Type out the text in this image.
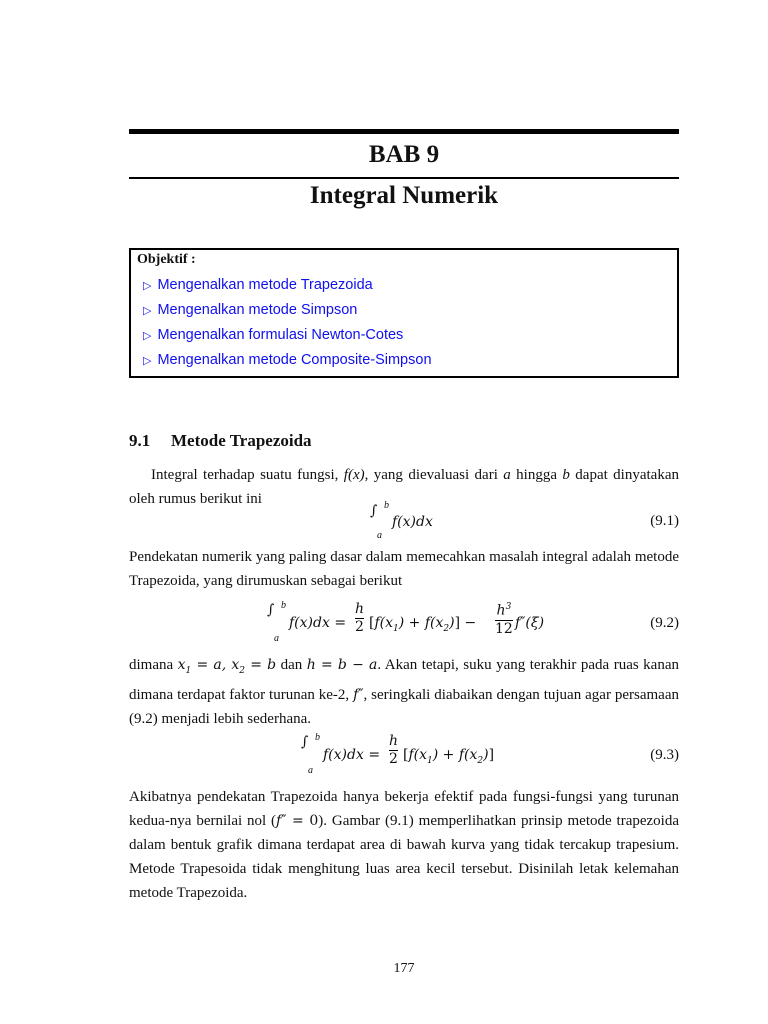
BAB 9
Integral Numerik
Objektif :
▷ Mengenalkan metode Trapezoida
▷ Mengenalkan metode Simpson
▷ Mengenalkan formulasi Newton-Cotes
▷ Mengenalkan metode Composite-Simpson
9.1 Metode Trapezoida
Integral terhadap suatu fungsi, f(x), yang dievaluasi dari a hingga b dapat dinyatakan oleh rumus berikut ini
∫ b
a
f(x)dx	(9.1)
Pendekatan numerik yang paling dasar dalam memecahkan masalah integral adalah metode Trapezoida, yang dirumuskan sebagai berikut
∫ b
a
$f(x)dx = \frac{h}{2} [f(x_1) + f(x_2)] - \frac{h^3}{12} f''(\xi)$	(9.2)
dimana $x_1 = a$, $x_2 = b$ dan h = b − a. Akan tetapi, suku yang terakhir pada ruas kanan dimana terdapat faktor turunan ke-2, f″, seringkali diabaikan dengan tujuan agar persamaan (9.2) menjadi lebih sederhana.
∫ b
a
$f(x)dx = \frac{h}{2} [f(x_1) + f(x_2)]$	(9.3)
Akibatnya pendekatan Trapezoida hanya bekerja efektif pada fungsi-fungsi yang turunan kedua-nya bernilai nol (f″ = 0). Gambar (9.1) memperlihatkan prinsip metode trapezoida dalam bentuk grafik dimana terdapat area di bawah kurva yang tidak tercakup trapesium. Metode Trapesoida tidak menghitung luas area kecil tersebut. Disinilah letak kelemahan metode Trapezoida.
177
